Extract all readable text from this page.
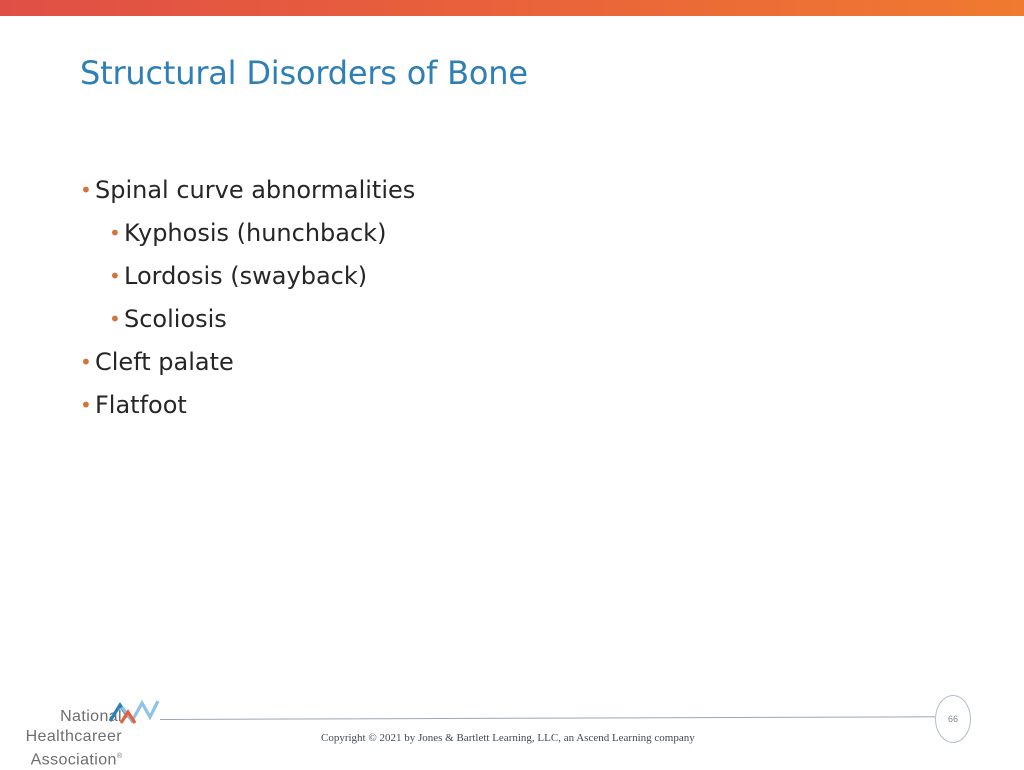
Structural Disorders of Bone
• Spinal curve abnormalities
• Kyphosis (hunchback)
• Lordosis (swayback)
• Scoliosis
• Cleft palate
• Flatfoot
National
Healthcareer
Association®
66
Copyright © 2021 by Jones & Bartlett Learning, LLC, an Ascend Learning company
